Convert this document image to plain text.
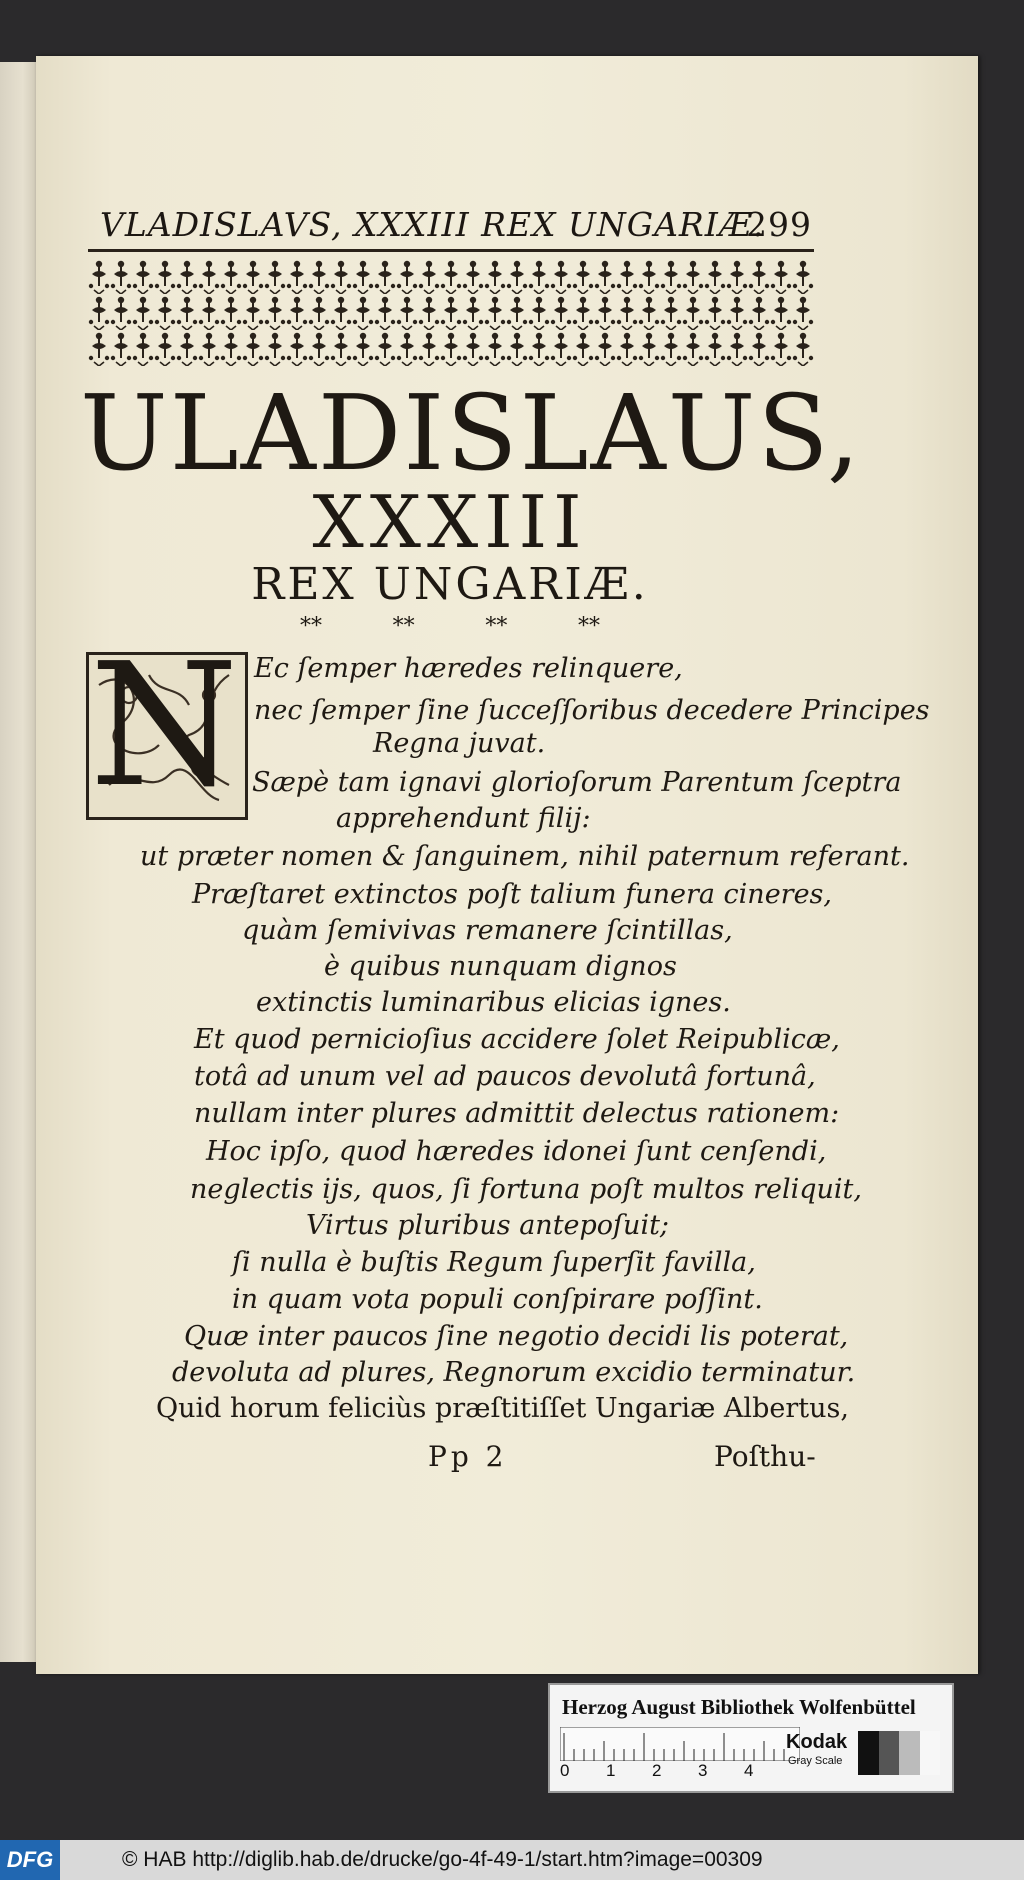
VLADISLAVS, XXXIII REX UNGARIÆ.
299
ULADISLAUS,
XXXIII
REX UNGARIÆ.
**	**	**	**
N Ec ſemper hæredes relinquere,
nec ſemper ſine ſucceſſoribus decedere Principes
Regna juvat.
Sæpè tam ignavi glorioſorum Parentum ſceptra
apprehendunt filij:
ut præter nomen & ſanguinem, nihil paternum referant.
Præſtaret extinctos poſt talium funera cineres,
quàm ſemivivas remanere ſcintillas,
è quibus nunquam dignos
extinctis luminaribus elicias ignes.
Et quod pernicioſius accidere ſolet Reipublicæ,
totâ ad unum vel ad paucos devolutâ fortunâ,
nullam inter plures admittit delectus rationem:
Hoc ipſo, quod hæredes idonei ſunt cenſendi,
neglectis ijs, quos, ſi fortuna poſt multos reliquit,
Virtus pluribus antepoſuit;
ſi nulla è buſtis Regum ſuperſit favilla,
in quam vota populi conſpirare poſſint.
Quæ inter paucos ſine negotio decidi lis poterat,
devoluta ad plures, Regnorum excidio terminatur.
Quid horum feliciùs præſtitiſſet Ungariæ Albertus,
Pp 2	Poſthu-
Herzog August Bibliothek Wolfenbüttel
0 1 2 3 4
Kodak
Gray Scale
DFG	© HAB http://diglib.hab.de/drucke/go-4f-49-1/start.htm?image=00309
